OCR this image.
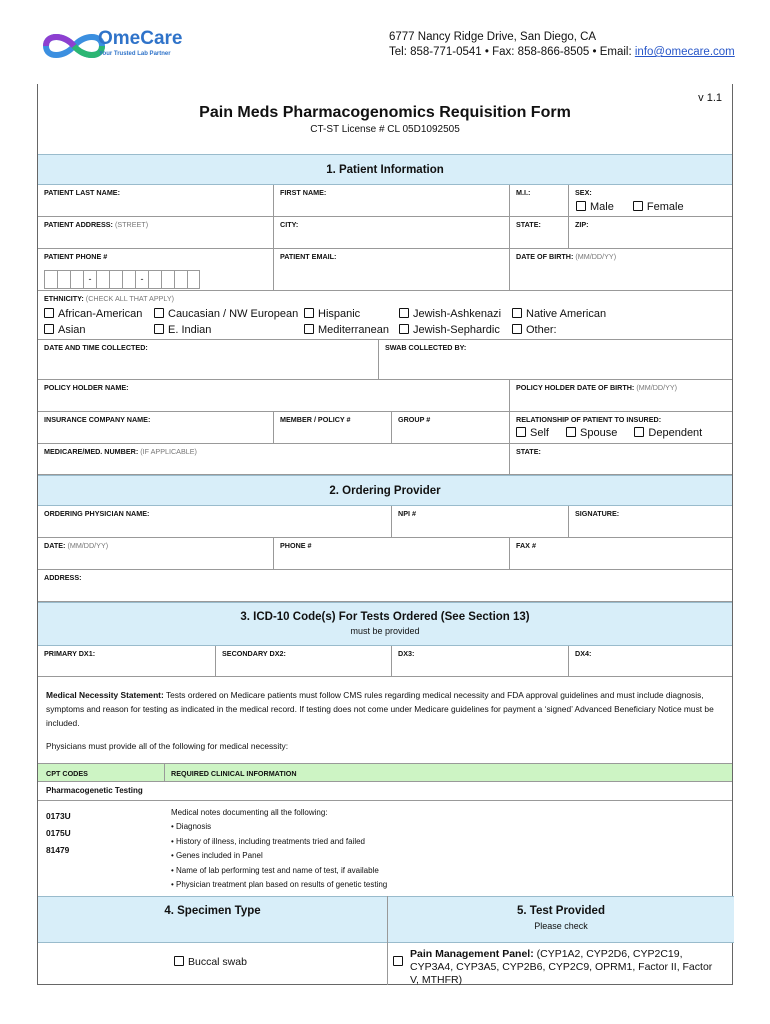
OmeCare
Your Trusted Lab Partner
6777 Nancy Ridge Drive, San Diego, CA
Tel: 858-771-0541 • Fax: 858-866-8505 • Email: info@omecare.com
v 1.1
Pain Meds Pharmacogenomics Requisition Form
CT-ST License # CL 05D1092505
1. Patient Information
PATIENT LAST NAME:	FIRST NAME:	M.I.:	SEX:
Male	Female
PATIENT ADDRESS: (STREET)	CITY:	STATE:	ZIP:
PATIENT PHONE #
-	-
PATIENT EMAIL:	DATE OF BIRTH: (MM/DD/YY)
ETHNICITY: (CHECK ALL THAT APPLY)
African-American	Caucasian / NW European	Hispanic	Jewish-Ashkenazi	Native American
Asian	E. Indian	Mediterranean	Jewish-Sephardic	Other:
DATE AND TIME COLLECTED:	SWAB COLLECTED BY:
POLICY HOLDER NAME:	POLICY HOLDER DATE OF BIRTH: (MM/DD/YY)
INSURANCE COMPANY NAME:	MEMBER / POLICY #	GROUP #	RELATIONSHIP OF PATIENT TO INSURED:
Self	Spouse	Dependent
MEDICARE/MED. NUMBER: (IF APPLICABLE)	STATE:
2. Ordering Provider
ORDERING PHYSICIAN NAME:	NPI #	SIGNATURE:
DATE: (MM/DD/YY)	PHONE #	FAX #
ADDRESS:
3. ICD-10 Code(s) For Tests Ordered (See Section 13)
must be provided
PRIMARY DX1:	SECONDARY DX2:	DX3:	DX4:
Medical Necessity Statement: Tests ordered on Medicare patients must follow CMS rules regarding medical necessity and FDA approval guidelines and must include diagnosis, symptoms and reason for testing as indicated in the medical record. If testing does not come under Medicare guidelines for payment a ‘signed’ Advanced Beneficiary Notice must be included.
Physicians must provide all of the following for medical necessity:
CPT CODES	REQUIRED CLINICAL INFORMATION
Pharmacogenetic Testing
0173U
0175U
81479
Medical notes documenting all the following:
• Diagnosis
• History of illness, including treatments tried and failed
• Genes included in Panel
• Name of lab performing test and name of test, if available
• Physician treatment plan based on results of genetic testing
4. Specimen Type	5. Test Provided
Please check
Buccal swab
Pain Management Panel: (CYP1A2, CYP2D6, CYP2C19, CYP3A4, CYP3A5, CYP2B6, CYP2C9, OPRM1, Factor II, Factor V, MTHFR)
